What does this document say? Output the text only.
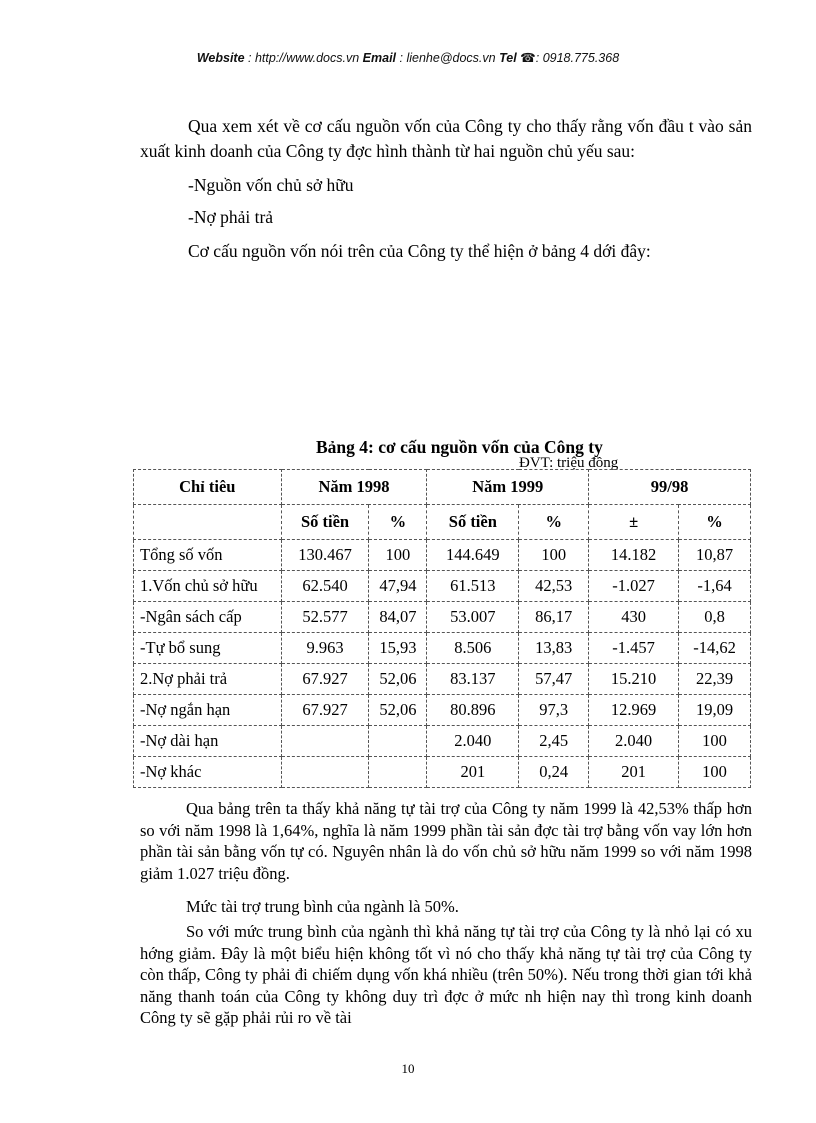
Website : http://www.docs.vn Email : lienhe@docs.vn Tel ☎: 0918.775.368
Qua xem xét về cơ cấu nguồn vốn của Công ty cho thấy rằng vốn đầu t vào sản xuất kinh doanh của Công ty đợc hình thành từ hai nguồn chủ yếu sau:
-Nguồn vốn chủ sở hữu
-Nợ phải trả
Cơ cấu nguồn vốn nói trên của Công ty thể hiện ở bảng 4 dới đây:
Bảng 4: cơ cấu nguồn vốn của Công ty
ĐVT: triệu đồng
Chỉ tiêu	Năm 1998		Năm 1999		99/98	
	Số tiền	%	Số tiền	%	±	%
Tổng số vốn	130.467	100	144.649	100	14.182	10,87
1.Vốn chủ sở hữu	62.540	47,94	61.513	42,53	-1.027	-1,64
-Ngân sách cấp	52.577	84,07	53.007	86,17	430	0,8
-Tự bổ sung	9.963	15,93	8.506	13,83	-1.457	-14,62
2.Nợ phải trả	67.927	52,06	83.137	57,47	15.210	22,39
-Nợ ngắn hạn	67.927	52,06	80.896	97,3	12.969	19,09
-Nợ dài hạn			2.040	2,45	2.040	100
-Nợ khác			201	0,24	201	100
Qua bảng trên ta thấy khả năng tự tài trợ của Công ty năm 1999 là 42,53% thấp hơn so với năm 1998 là 1,64%, nghĩa là năm 1999 phần tài sản đợc tài trợ bằng vốn vay lớn hơn phần tài sản bằng vốn tự có. Nguyên nhân là do vốn chủ sở hữu năm 1999 so với năm 1998 giảm 1.027 triệu đồng.
Mức tài trợ trung bình của ngành là 50%.
So với mức trung bình của ngành thì khả năng tự tài trợ của Công ty là nhỏ lại có xu hớng giảm. Đây là một biểu hiện không tốt vì nó cho thấy khả năng tự tài trợ của Công ty còn thấp, Công ty phải đi chiếm dụng vốn khá nhiều (trên 50%). Nếu trong thời gian tới khả năng thanh toán của Công ty không duy trì đợc ở mức nh hiện nay thì trong kinh doanh Công ty sẽ gặp phải rủi ro về tài
10
